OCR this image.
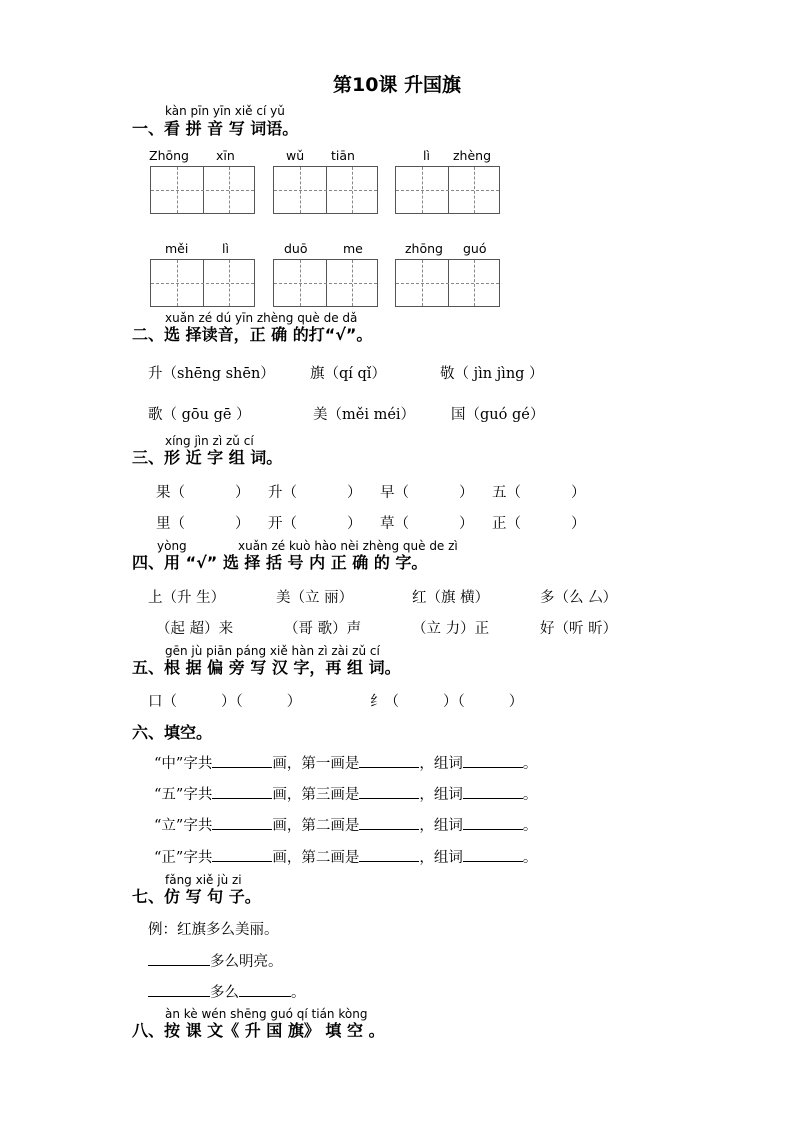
第10课 升国旗
kàn pīn yīn xiě cí yǔ
一、看 拼 音 写 词语。
Zhōng xīn	wǔ tiān	lì zhèng
měi	lì	duō	me	zhōng guó
xuǎn zé dú yīn zhèng què de dǎ
二、选 择读音，正 确 的打“√”。
升（shēng shēn） 旗（qí qǐ）	敬（ jìn jìng ）
歌（ gōu gē ）	美（měi méi） 国（guó gé）
xíng jìn zì zǔ cí
三、形 近 字 组 词。
果（	） 升（	） 早（	） 五（	）
里（	） 开（	） 草（	） 正（	）
yòng	xuǎn zé kuò hào nèi zhèng què de zì
四、用 “√” 选 择 括 号 内 正 确 的 字。
上（升 生）	美（立 丽）	红（旗 横）	多（么 厶）
（起 超）来	（哥 歌）声	（立 力）正	好（听 昕）
gēn jù piān páng xiě hàn zì zài zǔ cí
五、根 据 偏 旁 写 汉 字，再 组 词。
口（	）（	）	纟（	）（	）
六、填空。
“中”字共	画，第一画是	，组词	。
“五”字共	画，第三画是	，组词	。
“立”字共	画，第二画是	，组词	。
“正”字共	画，第二画是	，组词	。
fǎng xiě jù zi
七、仿 写 句 子。
例：红旗多么美丽。
多么明亮。
多么	。
àn kè wén shēng guó qí tián kòng
八、按 课 文《 升 国 旗》 填 空 。
